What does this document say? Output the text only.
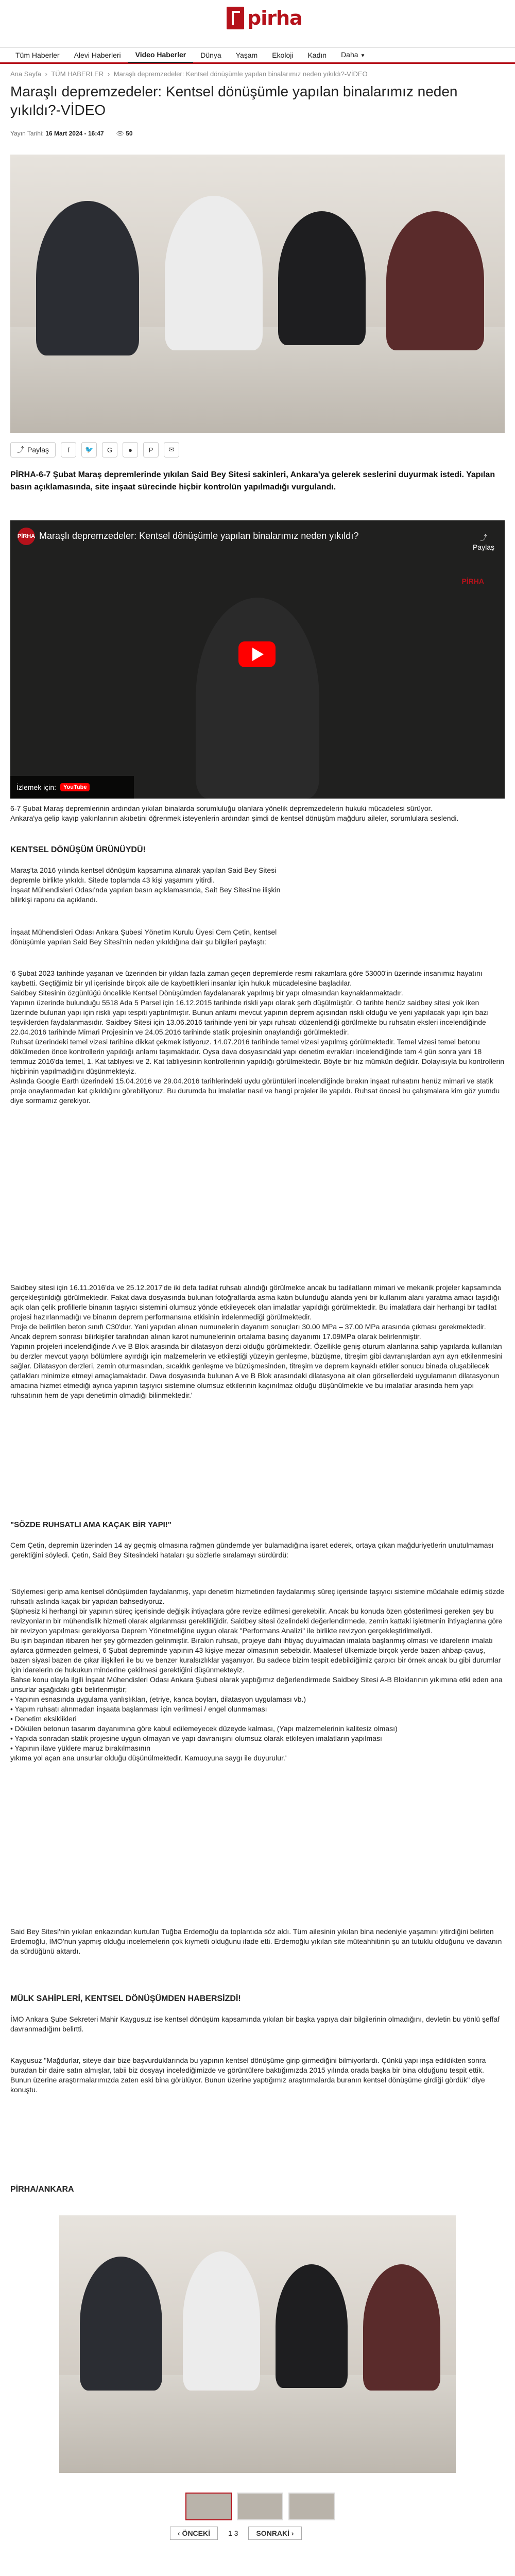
pirha
Tüm Haberler	Alevi Haberleri	Video Haberler	Dünya	Yaşam	Ekoloji	Kadın	Daha ▼
Ana Sayfa › TÜM HABERLER › Maraşlı depremzedeler: Kentsel dönüşümle yapılan binalarımız neden yıkıldı?-VİDEO
Maraşlı depremzedeler: Kentsel dönüşümle yapılan binalarımız neden yıkıldı?-VİDEO
Yayın Tarihi: 16 Mart 2024 - 16:47 👁 50
⤴ Paylaş	f	🐦	G	●	P	✉

PİRHA-6-7 Şubat Maraş depremlerinde yıkılan Said Bey Sitesi sakinleri, Ankara'ya gelerek seslerini duyurmak istedi. Yapılan basın açıklamasında, site inşaat sürecinde hiçbir kontrolün yapılmadığı vurgulandı.

PİRHA Maraşlı depremzedeler: Kentsel dönüşümle yapılan binalarımız neden yıkıldı?	⤴
Paylaş
PİRHA
İzlemek için:	YouTube

6-7 Şubat Maraş depremlerinin ardından yıkılan binalarda sorumluluğu olanlara yönelik depremzedelerin hukuki mücadelesi sürüyor.

Ankara'ya gelip kayıp yakınlarının akıbetini öğrenmek isteyenlerin ardından şimdi de kentsel dönüşüm mağduru aileler, sorumlulara seslendi.

KENTSEL DÖNÜŞÜM ÜRÜNÜYDÜ!

Maraş'ta 2016 yılında kentsel dönüşüm kapsamına alınarak yapılan Said Bey Sitesi depremle birlikte yıkıldı. Sitede toplamda 43 kişi yaşamını yitirdi.

İnşaat Mühendisleri Odası'nda yapılan basın açıklamasında, Sait Bey Sitesi'ne ilişkin bilirkişi raporu da açıklandı.

İnşaat Mühendisleri Odası Ankara Şubesi Yönetim Kurulu Üyesi Cem Çetin, kentsel dönüşümle yapılan Said Bey Sitesi'nin neden yıkıldığına dair şu bilgileri paylaştı:

'6 Şubat 2023 tarihinde yaşanan ve üzerinden bir yıldan fazla zaman geçen depremlerde resmi rakamlara göre 53000'in üzerinde insanımız hayatını kaybetti. Geçtiğimiz bir yıl içerisinde birçok aile de kaybettikleri insanlar için hukuk mücadelesine başladılar.

Saidbey Sitesinin özgünlüğü öncelikle Kentsel Dönüşümden faydalanarak yapılmış bir yapı olmasından kaynaklanmaktadır.

Yapının üzerinde bulunduğu 5518 Ada 5 Parsel için 16.12.2015 tarihinde riskli yapı olarak şerh düşülmüştür. O tarihte henüz saidbey sitesi yok iken üzerinde bulunan yapı için riskli yapı tespiti yaptırılmıştır. Bunun anlamı mevcut yapının deprem açısından riskli olduğu ve yeni yapılacak yapı için bazı teşviklerden faydalanmasıdır. Saidbey Sitesi için 13.06.2016 tarihinde yeni bir yapı ruhsatı düzenlendiği görülmekte bu ruhsatın eksleri incelendiğinde 22.04.2016 tarihinde Mimari Projesinin ve 24.05.2016 tarihinde statik projesinin onaylandığı görülmektedir.

Ruhsat üzerindeki temel vizesi tarihine dikkat çekmek istiyoruz. 14.07.2016 tarihinde temel vizesi yapılmış görülmektedir. Temel vizesi temel betonu dökülmeden önce kontrollerin yapıldığı anlamı taşımaktadır. Oysa dava dosyasındaki yapı denetim evrakları incelendiğinde tam 4 gün sonra yani 18 temmuz 2016'da temel, 1. Kat tabliyesi ve 2. Kat tabliyesinin kontrollerinin yapıldığı görülmektedir. Böyle bir hız mümkün değildir. Dolayısıyla bu kontrollerin hiçbirinin yapılmadığını düşünmekteyiz.

Aslında Google Earth üzerindeki 15.04.2016 ve 29.04.2016 tarihlerindeki uydu görüntüleri incelendiğinde bırakın inşaat ruhsatını henüz mimari ve statik proje onaylanmadan kat çıkıldığını görebiliyoruz. Bu durumda bu imalatlar nasıl ve hangi projeler ile yapıldı. Ruhsat öncesi bu çalışmalara kim göz yumdu diye sormamız gerekiyor.

Saidbey sitesi için 16.11.2016'da ve 25.12.2017'de iki defa tadilat ruhsatı alındığı görülmekte ancak bu tadilatların mimari ve mekanik projeler kapsamında gerçekleştirildiği görülmektedir. Fakat dava dosyasında bulunan fotoğraflarda asma katın bulunduğu alanda yeni bir kullanım alanı yaratma amacı taşıdığı açık olan çelik profillerle binanın taşıyıcı sistemini olumsuz yönde etkileyecek olan imalatlar yapıldığı görülmektedir. Bu imalatlara dair herhangi bir tadilat projesi hazırlanmadığı ve binanın deprem performansına etkisinin irdelenmediği görülmektedir.

Proje de belirtilen beton sınıfı C30'dur. Yani yapıdan alınan numunelerin dayanım sonuçları 30.00 MPa – 37.00 MPa arasında çıkması gerekmektedir. Ancak deprem sonrası bilirkişiler tarafından alınan karot numunelerinin ortalama basınç dayanımı 17.09MPa olarak belirlenmiştir.

Yapının projeleri incelendiğinde A ve B Blok arasında bir dilatasyon derzi olduğu görülmektedir. Özellikle geniş oturum alanlarına sahip yapılarda kullanılan bu derzler mevcut yapıyı bölümlere ayırdığı için malzemelerin ve etkileştiği yüzeyin genleşme, büzüşme, titreşim gibi davranışlardan ayrı ayrı etkilenmesini sağlar. Dilatasyon derzleri, zemin oturmasından, sıcaklık genleşme ve büzüşmesinden, titreşim ve deprem kaynaklı etkiler sonucu binada oluşabilecek çatlakları minimize etmeyi amaçlamaktadır. Dava dosyasında bulunan A ve B Blok arasındaki dilatasyona ait olan görsellerdeki uygulamanın dilatasyonun amacına hizmet etmediği ayrıca yapının taşıyıcı sistemine olumsuz etkilerinin kaçınılmaz olduğu düşünülmekte ve bu imalatlar arasında hem yapı ruhsatının hem de yapı denetimin olmadığı bilinmektedir.'

"SÖZDE RUHSATLI AMA KAÇAK BİR YAPI!"

Cem Çetin, depremin üzerinden 14 ay geçmiş olmasına rağmen gündemde yer bulamadığına işaret ederek, ortaya çıkan mağduriyetlerin unutulmaması gerektiğini söyledi. Çetin, Said Bey Sitesindeki hataları şu sözlerle sıralamayı sürdürdü:

'Söylemesi gerip ama kentsel dönüşümden faydalanmış, yapı denetim hizmetinden faydalanmış süreç içerisinde taşıyıcı sistemine müdahale edilmiş sözde ruhsatlı aslında kaçak bir yapıdan bahsediyoruz.

Şüphesiz ki herhangi bir yapının süreç içerisinde değişik ihtiyaçlara göre revize edilmesi gerekebilir. Ancak bu konuda özen gösterilmesi gereken şey bu revizyonların bir mühendislik hizmeti olarak algılanması gerekliliğidir. Saidbey sitesi özelindeki değerlendirmede, zemin kattaki işletmenin ihtiyaçlarına göre bir revizyon yapılması gerekiyorsa Deprem Yönetmeliğine uygun olarak "Performans Analizi" ile birlikte revizyon gerçekleştirilmeliydi.

Bu işin başından itibaren her şey görmezden gelinmiştir. Bırakın ruhsatı, projeye dahi ihtiyaç duyulmadan imalata başlanmış olması ve idarelerin imalatı aylarca görmezden gelmesi, 6 Şubat depreminde yapının 43 kişiye mezar olmasının sebebidir. Maalesef ülkemizde birçok yerde bazen ahbap-çavuş, bazen siyasi bazen de çıkar ilişkileri ile bu ve benzer kuralsızlıklar yaşanıyor. Bu sadece bizim tespit edebildiğimiz çarpıcı bir örnek ancak bu gibi durumlar için idarelerin de hukukun minderine çekilmesi gerektiğini düşünmekteyiz.

Bahse konu olayla ilgili İnşaat Mühendisleri Odası Ankara Şubesi olarak yaptığımız değerlendirmede Saidbey Sitesi A-B Bloklarının yıkımına etki eden ana unsurlar aşağıdaki gibi belirlenmiştir;

• Yapının esnasında uygulama yanlışlıkları, (etriye, kanca boyları, dilatasyon uygulaması vb.)

• Yapım ruhsatı alınmadan inşaata başlanması için verilmesi / engel olunmaması

• Denetim eksiklikleri

• Dökülen betonun tasarım dayanımına göre kabul edilemeyecek düzeyde kalması, (Yapı malzemelerinin kalitesiz olması)

• Yapıda sonradan statik projesine uygun olmayan ve yapı davranışını olumsuz olarak etkileyen imalatların yapılması

• Yapının ilave yüklere maruz bırakılmasının

yıkıma yol açan ana unsurlar olduğu düşünülmektedir. Kamuoyuna saygı ile duyurulur.'

Said Bey Sitesi'nin yıkılan enkazından kurtulan Tuğba Erdemoğlu da toplantıda söz aldı. Tüm ailesinin yıkılan bina nedeniyle yaşamını yitirdiğini belirten Erdemoğlu, İMO'nun yapmış olduğu incelemelerin çok kıymetli olduğunu ifade etti. Erdemoğlu yıkılan site müteahhitinin şu an tutuklu olduğunu ve davanın da sürdüğünü aktardı.

MÜLK SAHİPLERİ, KENTSEL DÖNÜŞÜMDEN HABERSİZDİ!

İMO Ankara Şube Sekreteri Mahir Kaygusuz ise kentsel dönüşüm kapsamında yıkılan bir başka yapıya dair bilgilerinin olmadığını, devletin bu yönlü şeffaf davranmadığını belirtti.

Kaygusuz "Mağdurlar, siteye dair bize başvurduklarında bu yapının kentsel dönüşüme girip girmediğini bilmiyorlardı. Çünkü yapı inşa edildikten sonra buradan bir daire satın almışlar, tabii biz dosyayı incelediğimizde ve görüntülere baktığımızda 2015 yılında orada başka bir bina olduğunu tespit ettik. Bunun üzerine araştırmalarımızda zaten eski bina görülüyor. Bunun üzerine yaptığımız araştırmalarda buranın kentsel dönüşüme girdiği gördük" diye konuştu.

PİRHA/ANKARA

‹ ÖNCEKİ	1 3	SONRAKİ ›
